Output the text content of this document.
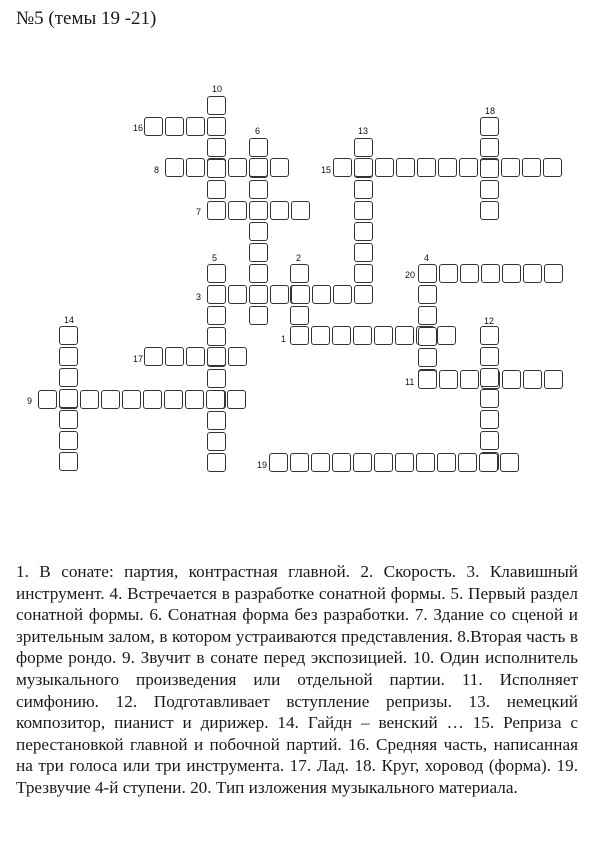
№5 (темы 19 -21)
1
2
3
4
5
6
7
8
9
10
11
12
13
14
15
16
17
18
19
20

1. В сонате: партия, контрастная главной. 2. Скорость. 3. Клавишный инструмент. 4. Встречается в разработке сонатной формы. 5. Первый раздел сонатной формы. 6. Сонатная форма без разработки. 7. Здание со сценой и зрительным залом, в котором устраиваются представления. 8.Вторая часть в форме рондо. 9. Звучит в сонате перед экспозицией. 10. Один исполнитель музыкального произведения или отдельной партии. 11. Исполняет симфонию. 12. Подготавливает вступление репризы. 13. немецкий композитор, пианист и дирижер. 14. Гайдн – венский … 15. Реприза с перестановкой главной и побочной партий. 16. Средняя часть, написанная на три голоса или три инструмента. 17. Лад. 18. Круг, хоровод (форма). 19. Трезвучие 4-й ступени. 20. Тип изложения музыкального материала.
